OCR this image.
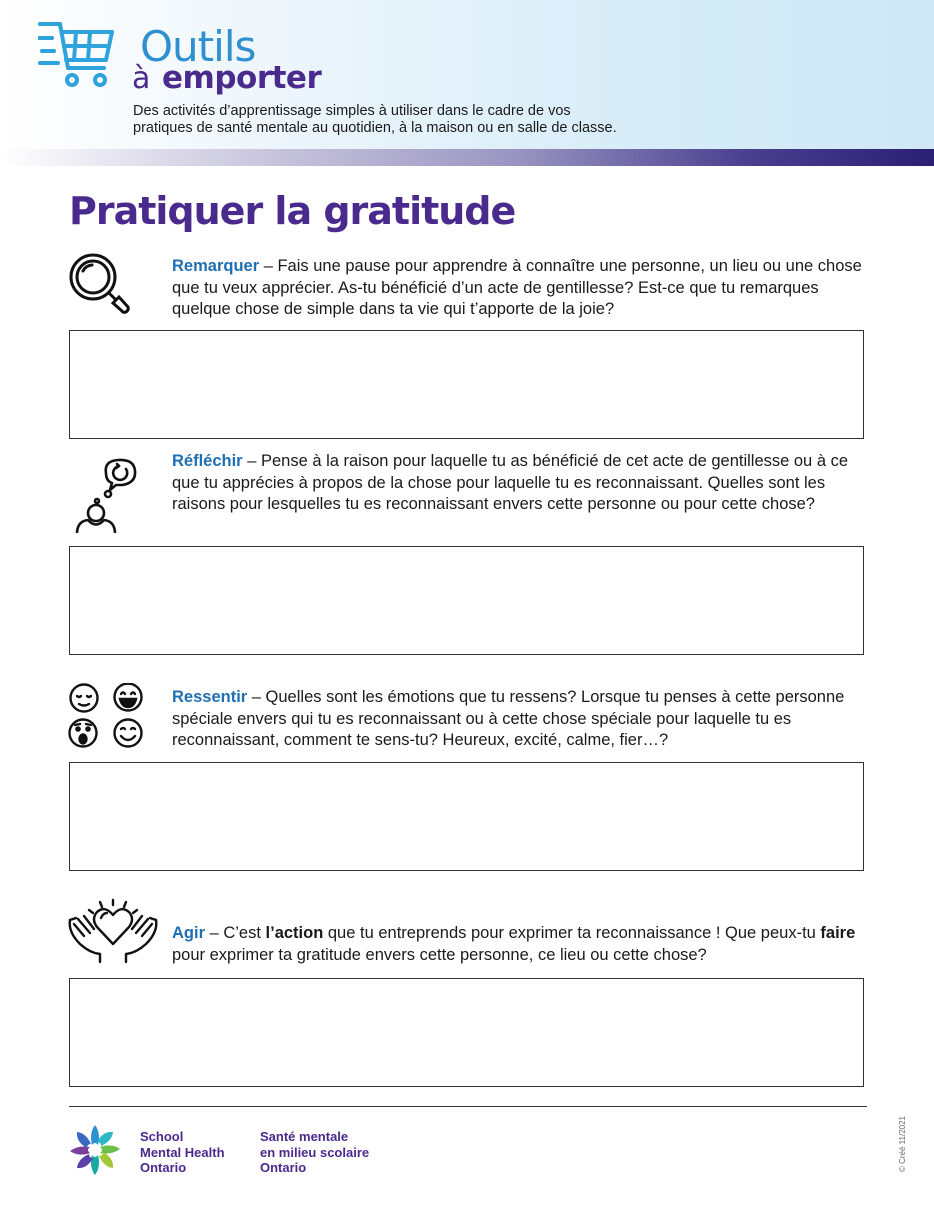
Outils
à emporter
Des activités d’apprentissage simples à utiliser dans le cadre de vos
pratiques de santé mentale au quotidien, à la maison ou en salle de classe.
Pratiquer la gratitude
Remarquer – Fais une pause pour apprendre à connaître une personne, un lieu ou une chose que tu veux apprécier. As-tu bénéficié d’un acte de gentillesse? Est-ce que tu remarques quelque chose de simple dans ta vie qui t’apporte de la joie?
Réfléchir – Pense à la raison pour laquelle tu as bénéficié de cet acte de gentillesse ou à ce que tu apprécies à propos de la chose pour laquelle tu es reconnaissant. Quelles sont les raisons pour lesquelles tu es reconnaissant envers cette personne ou pour cette chose?
Ressentir – Quelles sont les émotions que tu ressens? Lorsque tu penses à cette personne spéciale envers qui tu es reconnaissant ou à cette chose spéciale pour laquelle tu es reconnaissant, comment te sens-tu? Heureux, excité, calme, fier…?
Agir – C’est l’action que tu entreprends pour exprimer ta reconnaissance ! Que peux-tu faire pour exprimer ta gratitude envers cette personne, ce lieu ou cette chose?
School
Mental Health
Ontario
Santé mentale
en milieu scolaire
Ontario	© Créé 11/2021
